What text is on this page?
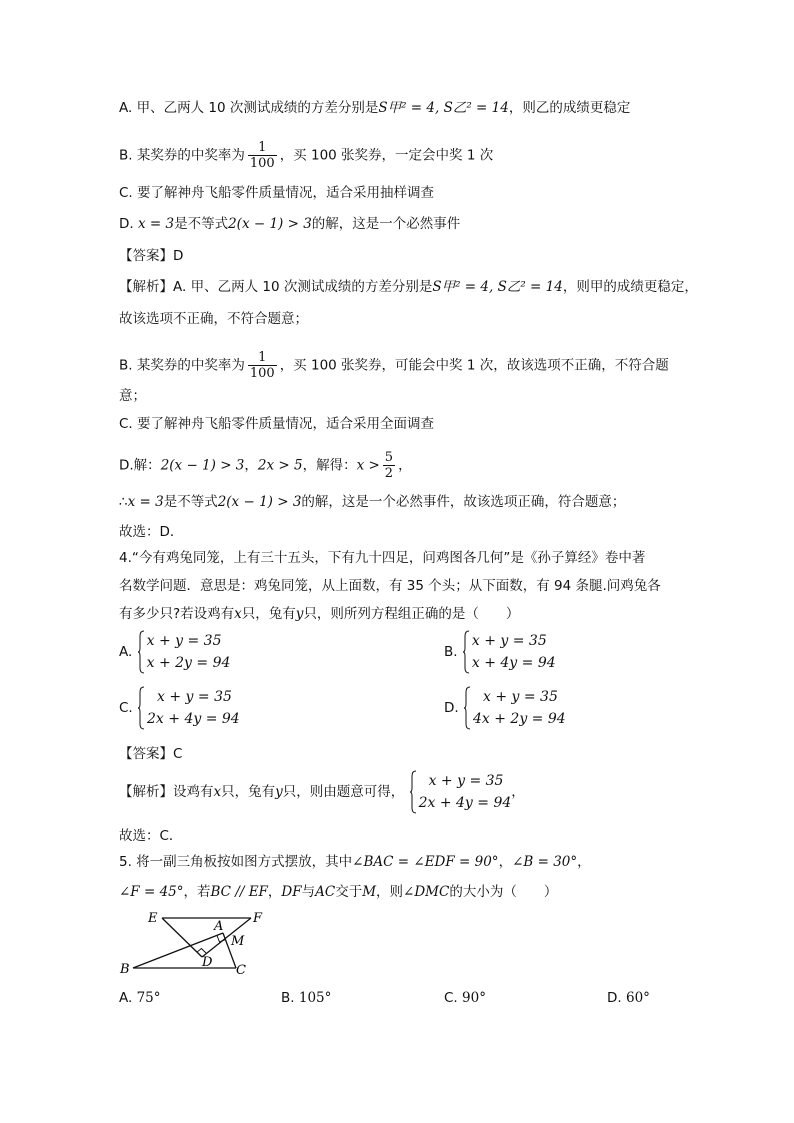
A. 甲、乙两人 10 次测试成绩的方差分别是S甲² = 4, S乙² = 14，则乙的成绩更稳定
B. 某奖券的中奖率为 $\frac{1}{100}$ ，买 100 张奖券，一定会中奖 1 次
C. 要了解神舟飞船零件质量情况，适合采用抽样调查
D. x = 3是不等式2(x − 1) > 3的解，这是一个必然事件
【答案】D
【解析】A. 甲、乙两人 10 次测试成绩的方差分别是S甲² = 4, S乙² = 14，则甲的成绩更稳定，
故该选项不正确，不符合题意；
B. 某奖券的中奖率为 $\frac{1}{100}$ ，买 100 张奖券，可能会中奖 1 次，故该选项不正确，不符合题
意；
C. 要了解神舟飞船零件质量情况，适合采用全面调查
D.解：2(x − 1) > 3，2x > 5，解得：$x > \frac{5}{2}$ ，
∴x = 3是不等式2(x − 1) > 3的解，这是一个必然事件，故该选项正确，符合题意；
故选：D．
4.“今有鸡兔同笼，上有三十五头，下有九十四足，问鸡图各几何”是《孙子算经》卷中著
名数学问题．意思是：鸡兔同笼，从上面数，有 35 个头；从下面数，有 94 条腿.问鸡兔各
有多少只?若设鸡有x只，兔有y只，则所列方程组正确的是（　　）
A.
x + y = 35
x + 2y = 94
B.
x + y = 35
x + 4y = 94
C.
x + y = 35
2x + 4y = 94
D.
x + y = 35
4x + 2y = 94
【答案】C
【解析】设鸡有x只，兔有y只，则由题意可得，
x + y = 35
2x + 4y = 94
，
故选：C．
5. 将一副三角板按如图方式摆放，其中∠BAC = ∠EDF = 90°，∠B = 30°，
∠F = 45°，若BC // EF，DF与AC交于M，则∠DMC的大小为（　　）
E	F
A
M
D
B	C
A. 75°	B. 105°	C. 90°	D. 60°
